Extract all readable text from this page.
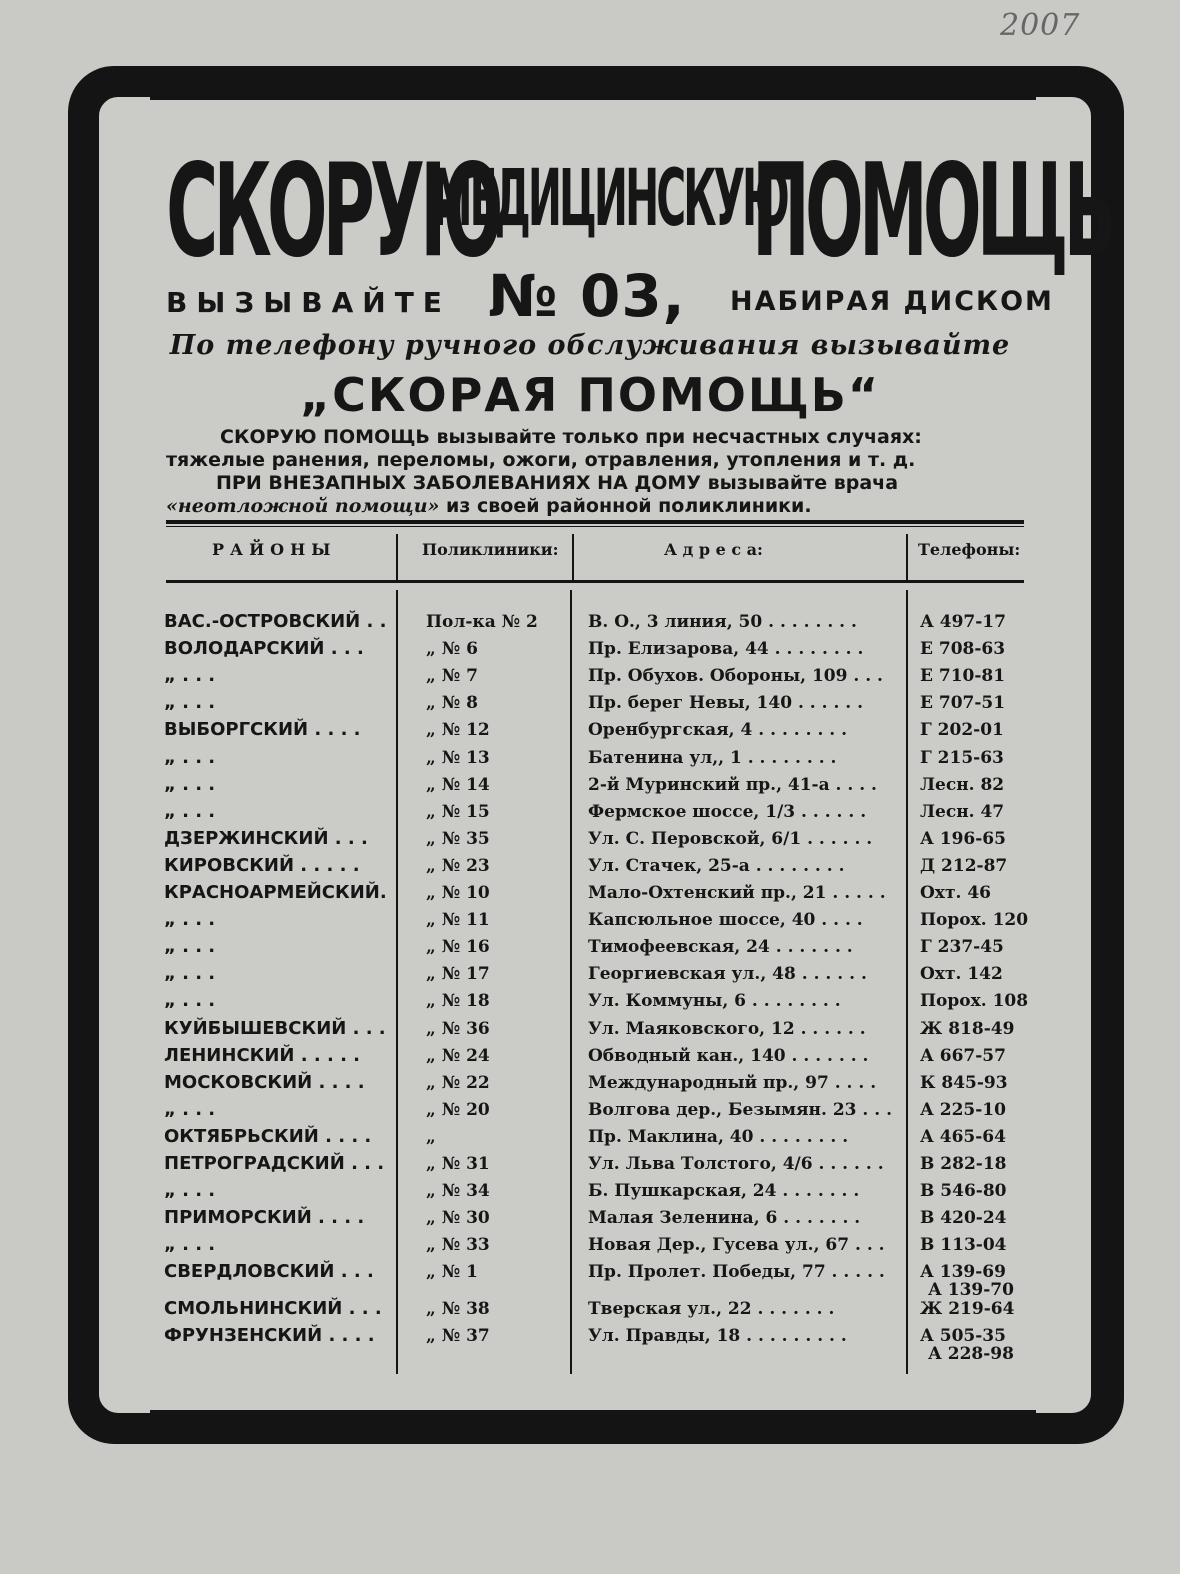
2007
СКОРУЮ
МЕДИЦИНСКУЮ
ПОМОЩЬ
ВЫЗЫВАЙТЕ № 03, НАБИРАЯ ДИСКОМ
По телефону ручного обслуживания вызывайте
„СКОРАЯ ПОМОЩЬ“
СКОРУЮ ПОМОЩЬ вызывайте только при несчастных случаях:
тяжелые ранения, переломы, ожоги, отравления, утопления и т. д.
ПРИ ВНЕЗАПНЫХ ЗАБОЛЕВАНИЯХ НА ДОМУ вызывайте врача
«неотложной помощи» из своей районной поликлиники.
РАЙОНЫ	Поликлиники:	А д р е с а:	Телефоны:
ВАС.-ОСТРОВСКИЙ . . Пол-ка № 2	В. О., 3 линия, 50 . . . . . . . .	А 497-17
ВОЛОДАРСКИЙ . . .	„ № 6	Пр. Елизарова, 44 . . . . . . . .	Е 708-63
„ . . .	„ № 7	Пр. Обухов. Обороны, 109 . . . Е 710-81
„ . . .	„ № 8	Пр. берег Невы, 140 . . . . . .	Е 707-51
ВЫБОРГСКИЙ . . . .	„ № 12	Оренбургская, 4 . . . . . . . .	Г 202-01
„ . . .	„ № 13	Батенина ул,, 1 . . . . . . . .	Г 215-63
„ . . .	„ № 14	2-й Муринский пр., 41-а . . . .	Лесн. 82
„ . . .	„ № 15	Фермское шоссе, 1/3 . . . . . .	Лесн. 47
ДЗЕРЖИНСКИЙ . . .	„ № 35	Ул. С. Перовской, 6/1 . . . . . .	А 196-65
КИРОВСКИЙ . . . . .	„ № 23	Ул. Стачек, 25-а . . . . . . . .	Д 212-87
КРАСНОАРМЕЙСКИЙ. „ № 10	Мало-Охтенский пр., 21 . . . . . Охт. 46
„ . . .	„ № 11	Капсюльное шоссе, 40 . . . .	Порох. 120
„ . . .	„ № 16	Тимофеевская, 24 . . . . . . .	Г 237-45
„ . . .	„ № 17	Георгиевская ул., 48 . . . . . .	Охт. 142
„ . . .	„ № 18	Ул. Коммуны, 6 . . . . . . . .	Порох. 108
КУЙБЫШЕВСКИЙ . . . „ № 36	Ул. Маяковского, 12 . . . . . .	Ж 818-49
ЛЕНИНСКИЙ . . . . .	„ № 24	Обводный кан., 140 . . . . . . .	А 667-57
МОСКОВСКИЙ . . . .	„ № 22	Международный пр., 97 . . . .	К 845-93
„ . . .	„ № 20	Волгова дер., Безымян. 23 . . . А 225-10
ОКТЯБРЬСКИЙ . . . .	„	Пр. Маклина, 40 . . . . . . . .	А 465-64
ПЕТРОГРАДСКИЙ . . . „ № 31	Ул. Льва Толстого, 4/6 . . . . . . В 282-18
„ . . .	„ № 34	Б. Пушкарская, 24 . . . . . . .	В 546-80
ПРИМОРСКИЙ . . . .	„ № 30	Малая Зеленина, 6 . . . . . . .	В 420-24
„ . . .	„ № 33	Новая Дер., Гусева ул., 67 . . . В 113-04
СВЕРДЛОВСКИЙ . . .	„ № 1	Пр. Пролет. Победы, 77 . . . . . А 139-69
А 139-70
СМОЛЬНИНСКИЙ . . .	„ № 38	Тверская ул., 22 . . . . . . .	Ж 219-64
ФРУНЗЕНСКИЙ . . . .	„ № 37	Ул. Правды, 18 . . . . . . . . .	А 505-35
А 228-98
